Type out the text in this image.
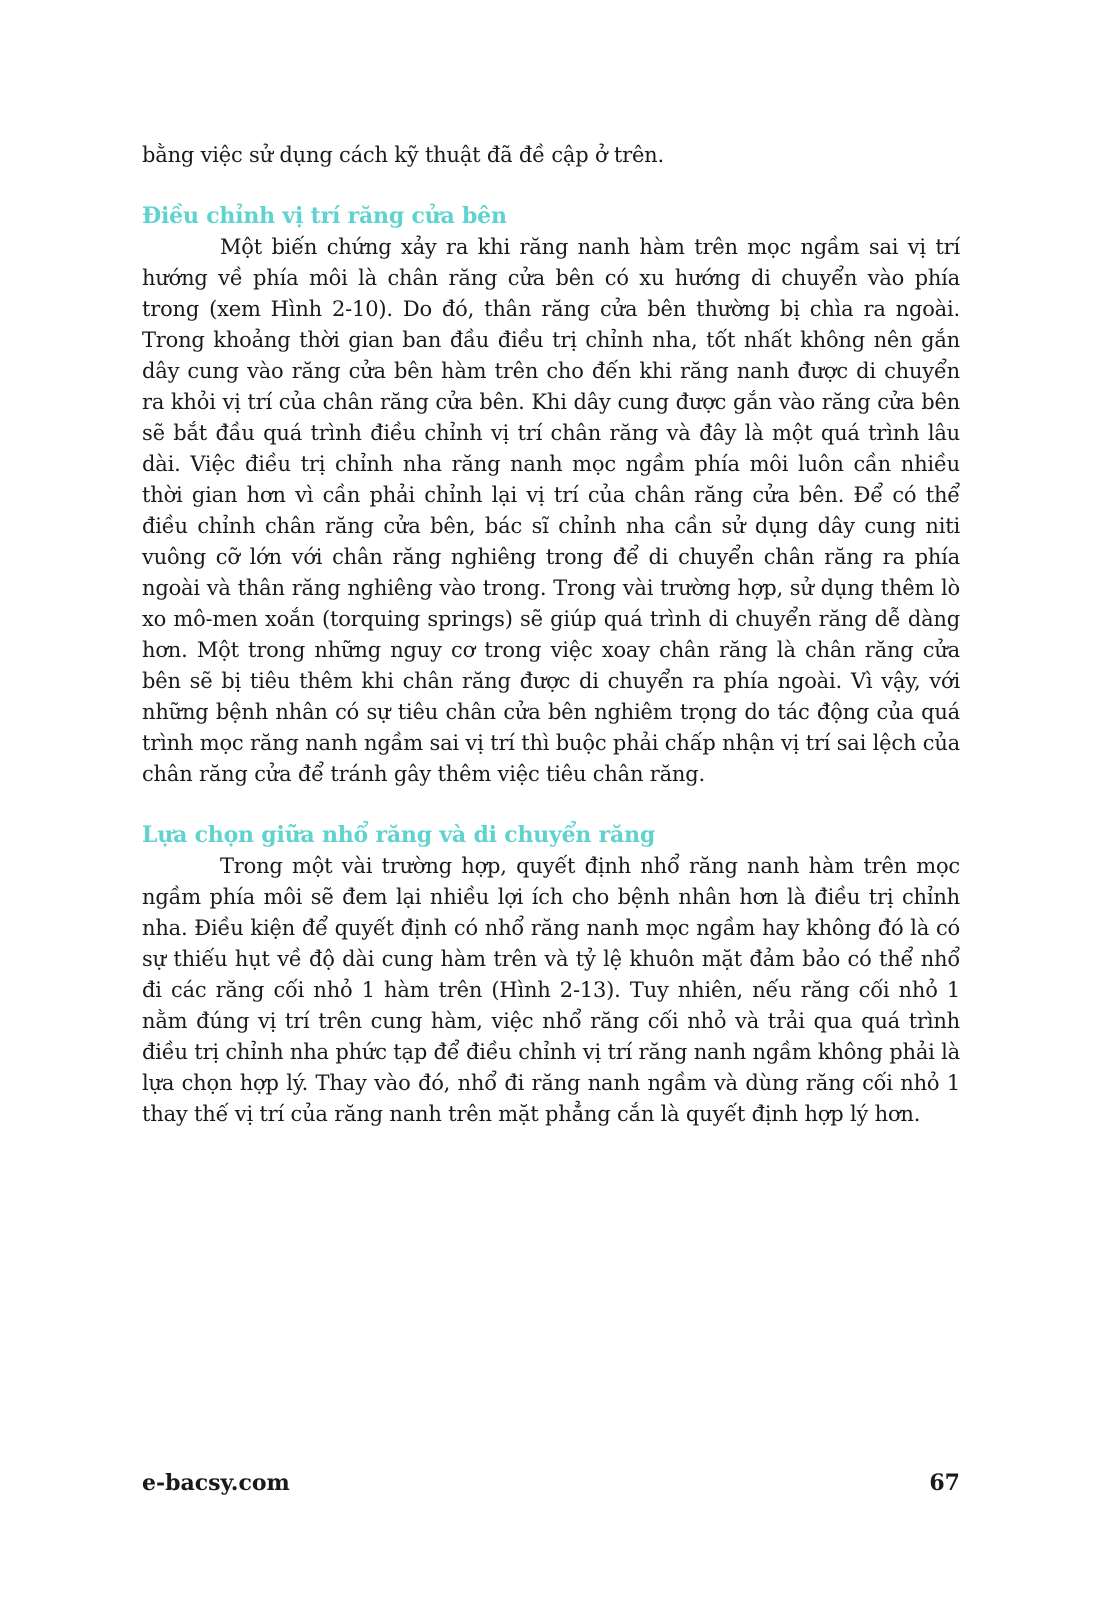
bằng việc sử dụng cách kỹ thuật đã đề cập ở trên.

Điều chỉnh vị trí răng cửa bên

Một biến chứng xảy ra khi răng nanh hàm trên mọc ngầm sai vị trí hướng về phía môi là chân răng cửa bên có xu hướng di chuyển vào phía trong (xem Hình 2-10). Do đó, thân răng cửa bên thường bị chìa ra ngoài. Trong khoảng thời gian ban đầu điều trị chỉnh nha, tốt nhất không nên gắn dây cung vào răng cửa bên hàm trên cho đến khi răng nanh được di chuyển ra khỏi vị trí của chân răng cửa bên. Khi dây cung được gắn vào răng cửa bên sẽ bắt đầu quá trình điều chỉnh vị trí chân răng và đây là một quá trình lâu dài. Việc điều trị chỉnh nha răng nanh mọc ngầm phía môi luôn cần nhiều thời gian hơn vì cần phải chỉnh lại vị trí của chân răng cửa bên. Để có thể điều chỉnh chân răng cửa bên, bác sĩ chỉnh nha cần sử dụng dây cung niti vuông cỡ lớn với chân răng nghiêng trong để di chuyển chân răng ra phía ngoài và thân răng nghiêng vào trong. Trong vài trường hợp, sử dụng thêm lò xo mô-men xoắn (torquing springs) sẽ giúp quá trình di chuyển răng dễ dàng hơn. Một trong những nguy cơ trong việc xoay chân răng là chân răng cửa bên sẽ bị tiêu thêm khi chân răng được di chuyển ra phía ngoài. Vì vậy, với những bệnh nhân có sự tiêu chân cửa bên nghiêm trọng do tác động của quá trình mọc răng nanh ngầm sai vị trí thì buộc phải chấp nhận vị trí sai lệch của chân răng cửa để tránh gây thêm việc tiêu chân răng.

Lựa chọn giữa nhổ răng và di chuyển răng

Trong một vài trường hợp, quyết định nhổ răng nanh hàm trên mọc ngầm phía môi sẽ đem lại nhiều lợi ích cho bệnh nhân hơn là điều trị chỉnh nha. Điều kiện để quyết định có nhổ răng nanh mọc ngầm hay không đó là có sự thiếu hụt về độ dài cung hàm trên và tỷ lệ khuôn mặt đảm bảo có thể nhổ đi các răng cối nhỏ 1 hàm trên (Hình 2-13). Tuy nhiên, nếu răng cối nhỏ 1 nằm đúng vị trí trên cung hàm, việc nhổ răng cối nhỏ và trải qua quá trình điều trị chỉnh nha phức tạp để điều chỉnh vị trí răng nanh ngầm không phải là lựa chọn hợp lý. Thay vào đó, nhổ đi răng nanh ngầm và dùng răng cối nhỏ 1 thay thế vị trí của răng nanh trên mặt phẳng cắn là quyết định hợp lý hơn.

e-bacsy.com	67
